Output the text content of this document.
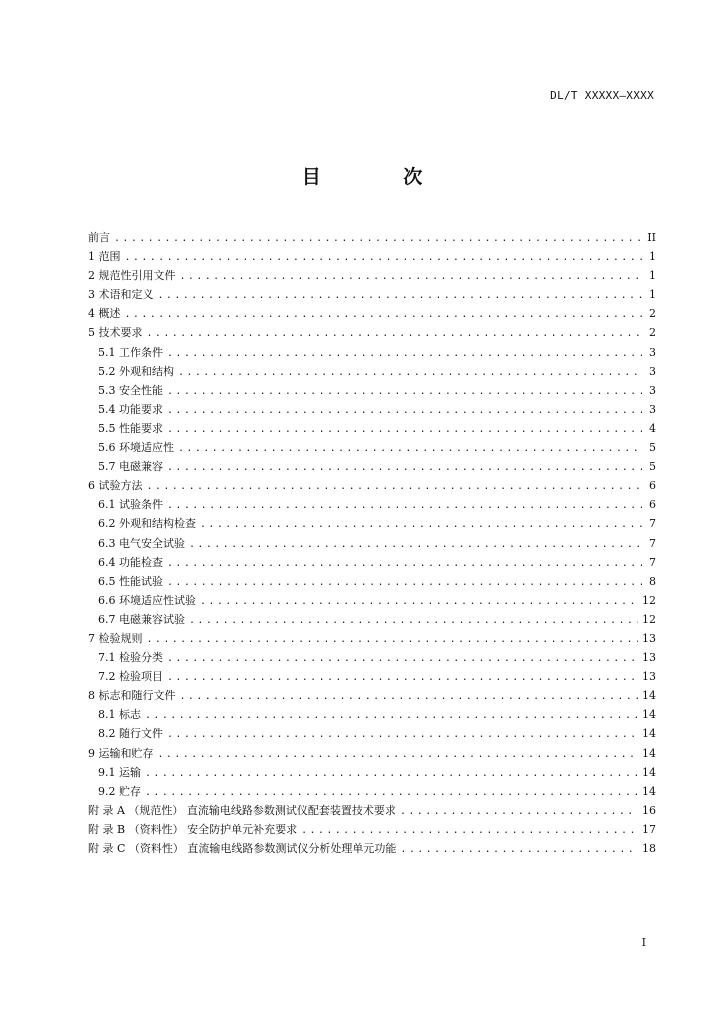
DL/T XXXXX—XXXX
目 次
前言 .....	II
1 范围 .....	1
2 规范性引用文件 .....	1
3 术语和定义 .....	1
4 概述 .....	2
5 技术要求 .....	2
5.1 工作条件 .....	3
5.2 外观和结构 .....	3
5.3 安全性能 .....	3
5.4 功能要求 .....	3
5.5 性能要求 .....	4
5.6 环境适应性 .....	5
5.7 电磁兼容 .....	5
6 试验方法 .....	6
6.1 试验条件 .....	6
6.2 外观和结构检查 .....	7
6.3 电气安全试验 .....	7
6.4 功能检查 .....	7
6.5 性能试验 .....	8
6.6 环境适应性试验 .....	12
6.7 电磁兼容试验 .....	12
7 检验规则 .....	13
7.1 检验分类 .....	13
7.2 检验项目 .....	13
8 标志和随行文件 .....	14
8.1 标志 .....	14
8.2 随行文件 .....	14
9 运输和贮存 .....	14
9.1 运输 .....	14
9.2 贮存 .....	14
附 录 A （规范性） 直流输电线路参数测试仪配套装置技术要求 .....	16
附 录 B （资料性） 安全防护单元补充要求 .....	17
附 录 C （资料性） 直流输电线路参数测试仪分析处理单元功能 .....	18
I
